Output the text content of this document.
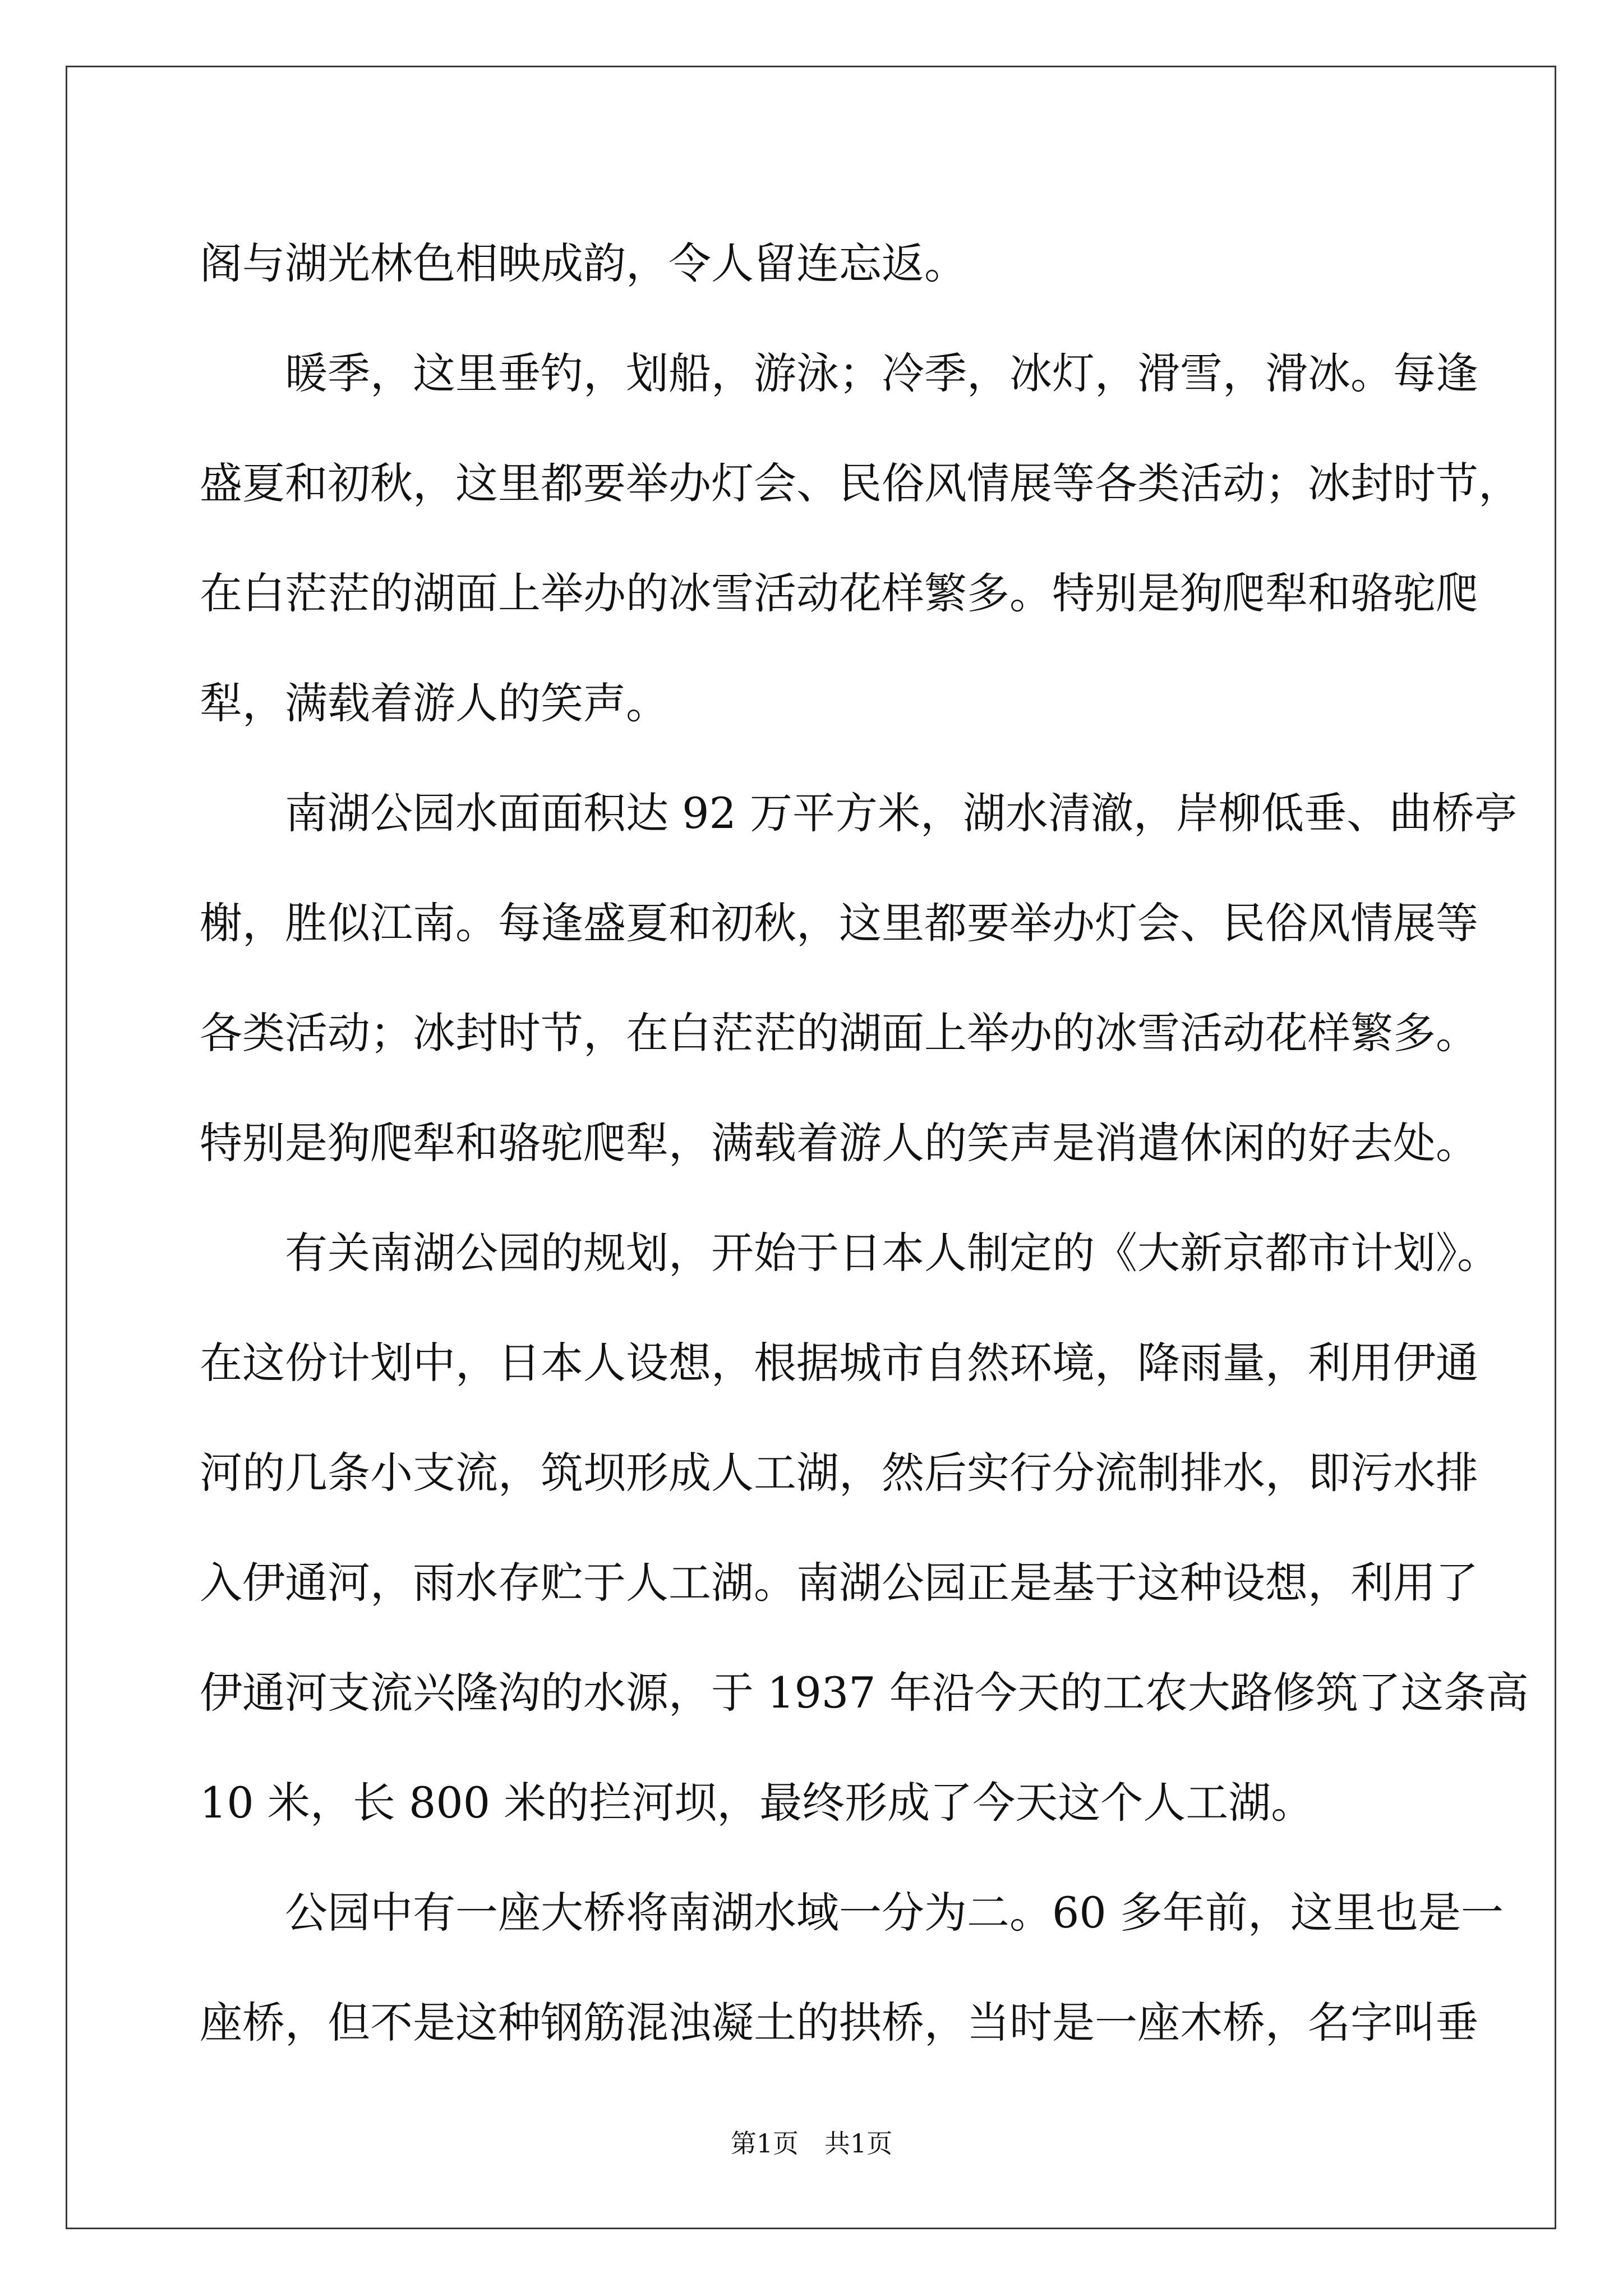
阁与湖光林色相映成韵，令人留连忘返。
暖季，这里垂钓，划船，游泳；冷季，冰灯，滑雪，滑冰。每逢
盛夏和初秋，这里都要举办灯会、民俗风情展等各类活动；冰封时节，
在白茫茫的湖面上举办的冰雪活动花样繁多。特别是狗爬犁和骆驼爬
犁，满载着游人的笑声。
南湖公园水面面积达 92 万平方米，湖水清澈，岸柳低垂、曲桥亭
榭，胜似江南。每逢盛夏和初秋，这里都要举办灯会、民俗风情展等
各类活动；冰封时节，在白茫茫的湖面上举办的冰雪活动花样繁多。
特别是狗爬犁和骆驼爬犁，满载着游人的笑声是消遣休闲的好去处。
有关南湖公园的规划，开始于日本人制定的《大新京都市计划》。
在这份计划中，日本人设想，根据城市自然环境，降雨量，利用伊通
河的几条小支流，筑坝形成人工湖，然后实行分流制排水，即污水排
入伊通河，雨水存贮于人工湖。南湖公园正是基于这种设想，利用了
伊通河支流兴隆沟的水源，于 1937 年沿今天的工农大路修筑了这条高
10 米，长 800 米的拦河坝，最终形成了今天这个人工湖。
公园中有一座大桥将南湖水域一分为二。60 多年前，这里也是一
座桥，但不是这种钢筋混浊凝土的拱桥，当时是一座木桥，名字叫垂
第1页 共1页
